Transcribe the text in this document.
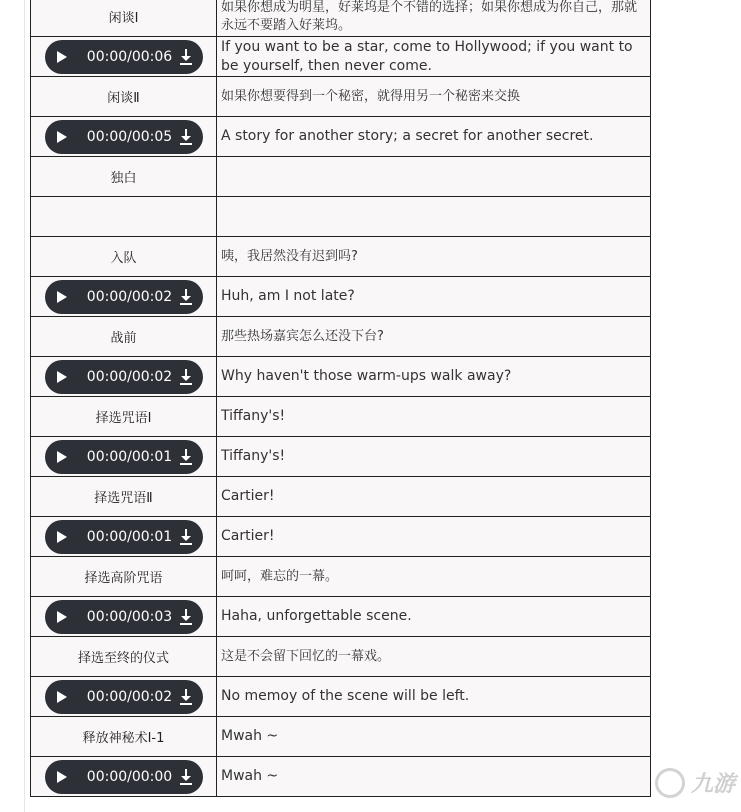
闲谈Ⅰ	如果你想成为明星，好莱坞是个不错的选择；如果你想成为你自己，那就永远不要踏入好莱坞。

00:00/00:06	If you want to be a star, come to Hollywood; if you want to be yourself, then never come.
闲谈Ⅱ	如果你想要得到一个秘密，就得用另一个秘密来交换

00:00/00:05	A story for another story; a secret for another secret.
独白	

入队	咦，我居然没有迟到吗?

00:00/00:02	Huh, am I not late?
战前	那些热场嘉宾怎么还没下台?

00:00/00:02	Why haven't those warm-ups walk away?
择选咒语Ⅰ	Tiffany's!

00:00/00:01	Tiffany's!
择选咒语Ⅱ	Cartier!

00:00/00:01	Cartier!
择选高阶咒语	呵呵，难忘的一幕。

00:00/00:03	Haha, unforgettable scene.
择选至终的仪式	这是不会留下回忆的一幕戏。

00:00/00:02	No memoy of the scene will be left.
释放神秘术Ⅰ-1	Mwah ~

00:00/00:00	Mwah ~	九游
